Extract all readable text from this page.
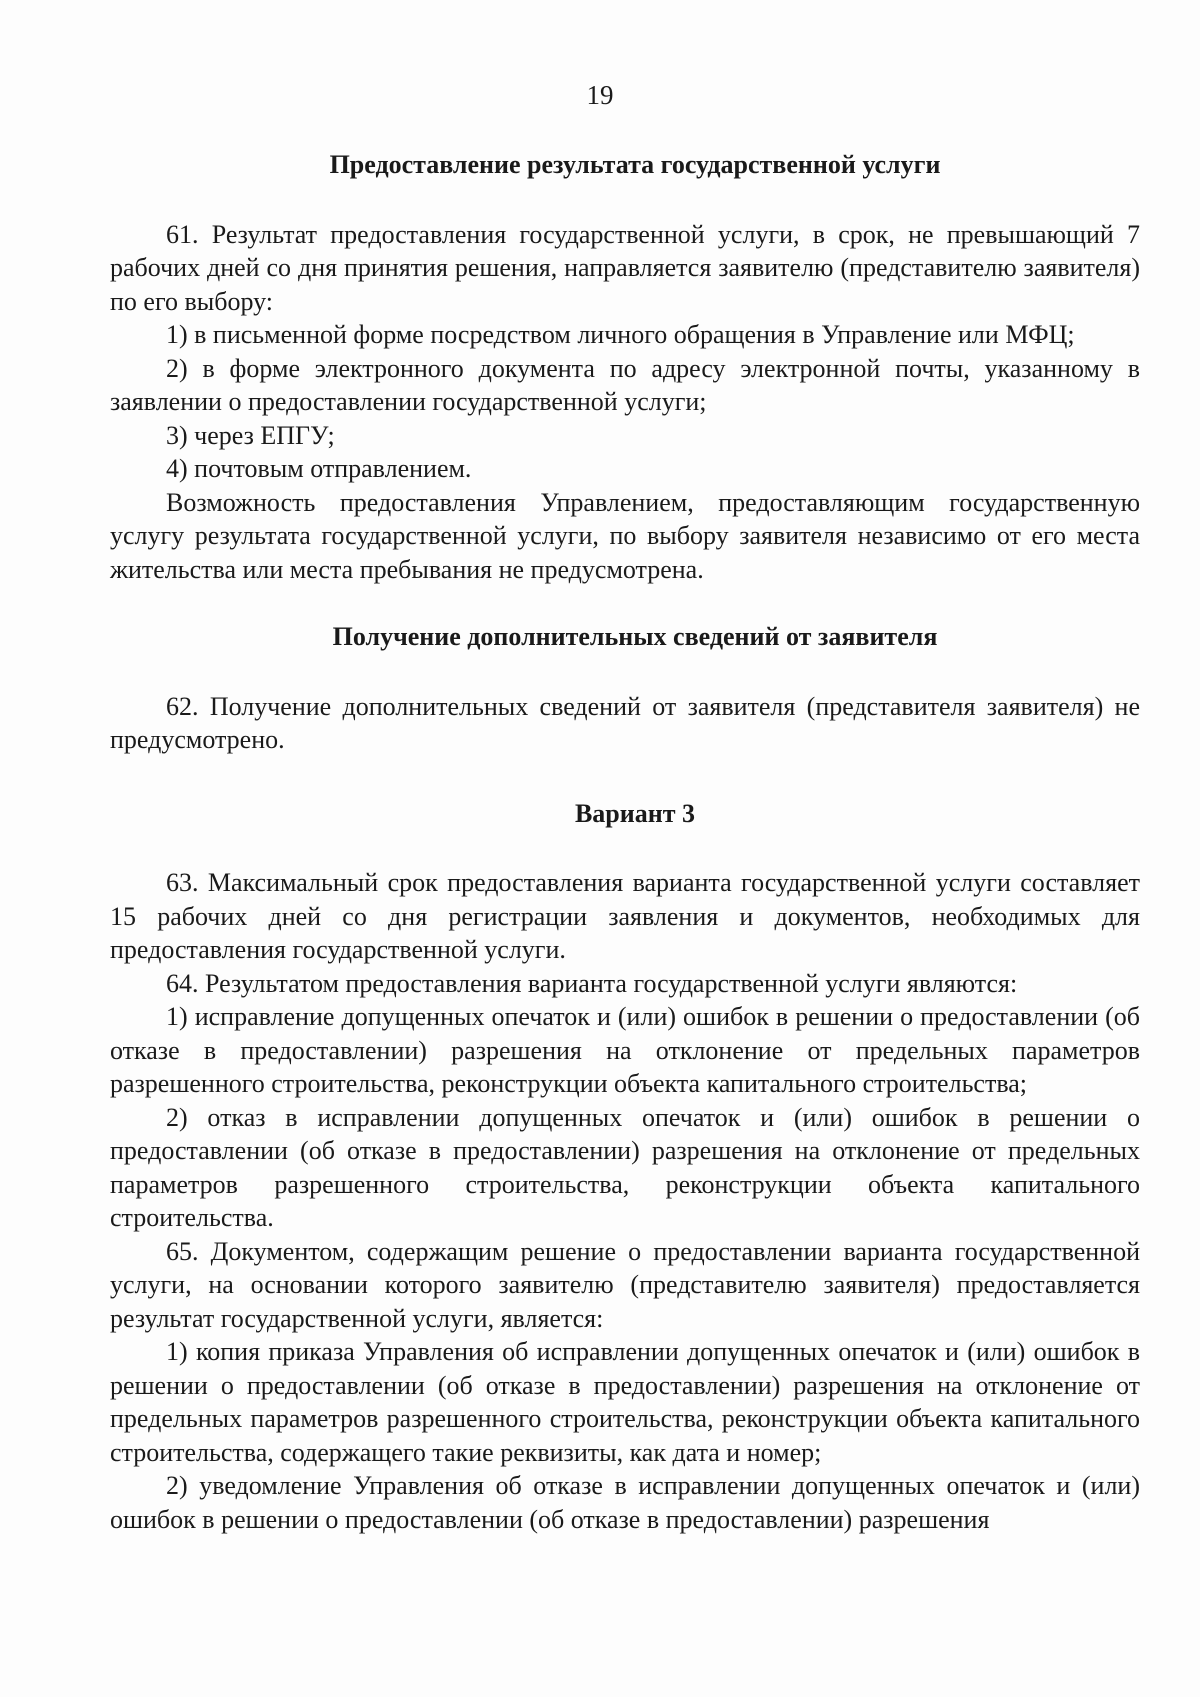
19
Предоставление результата государственной услуги

61. Результат предоставления государственной услуги, в срок, не превышающий 7 рабочих дней со дня принятия решения, направляется заявителю (представителю заявителя) по его выбору:

1) в письменной форме посредством личного обращения в Управление или МФЦ;

2) в форме электронного документа по адресу электронной почты, указанному в заявлении о предоставлении государственной услуги;

3) через ЕПГУ;

4) почтовым отправлением.

Возможность предоставления Управлением, предоставляющим государственную услугу результата государственной услуги, по выбору заявителя независимо от его места жительства или места пребывания не предусмотрена.

Получение дополнительных сведений от заявителя

62. Получение дополнительных сведений от заявителя (представителя заявителя) не предусмотрено.

Вариант 3

63. Максимальный срок предоставления варианта государственной услуги составляет 15 рабочих дней со дня регистрации заявления и документов, необходимых для предоставления государственной услуги.

64. Результатом предоставления варианта государственной услуги являются:

1) исправление допущенных опечаток и (или) ошибок в решении о предоставлении (об отказе в предоставлении) разрешения на отклонение от предельных параметров разрешенного строительства, реконструкции объекта капитального строительства;

2) отказ в исправлении допущенных опечаток и (или) ошибок в решении о предоставлении (об отказе в предоставлении) разрешения на отклонение от предельных параметров разрешенного строительства, реконструкции объекта капитального строительства.

65. Документом, содержащим решение о предоставлении варианта государственной услуги, на основании которого заявителю (представителю заявителя) предоставляется результат государственной услуги, является:

1) копия приказа Управления об исправлении допущенных опечаток и (или) ошибок в решении о предоставлении (об отказе в предоставлении) разрешения на отклонение от предельных параметров разрешенного строительства, реконструкции объекта капитального строительства, содержащего такие реквизиты, как дата и номер;

2) уведомление Управления об отказе в исправлении допущенных опечаток и (или) ошибок в решении о предоставлении (об отказе в предоставлении) разрешения
